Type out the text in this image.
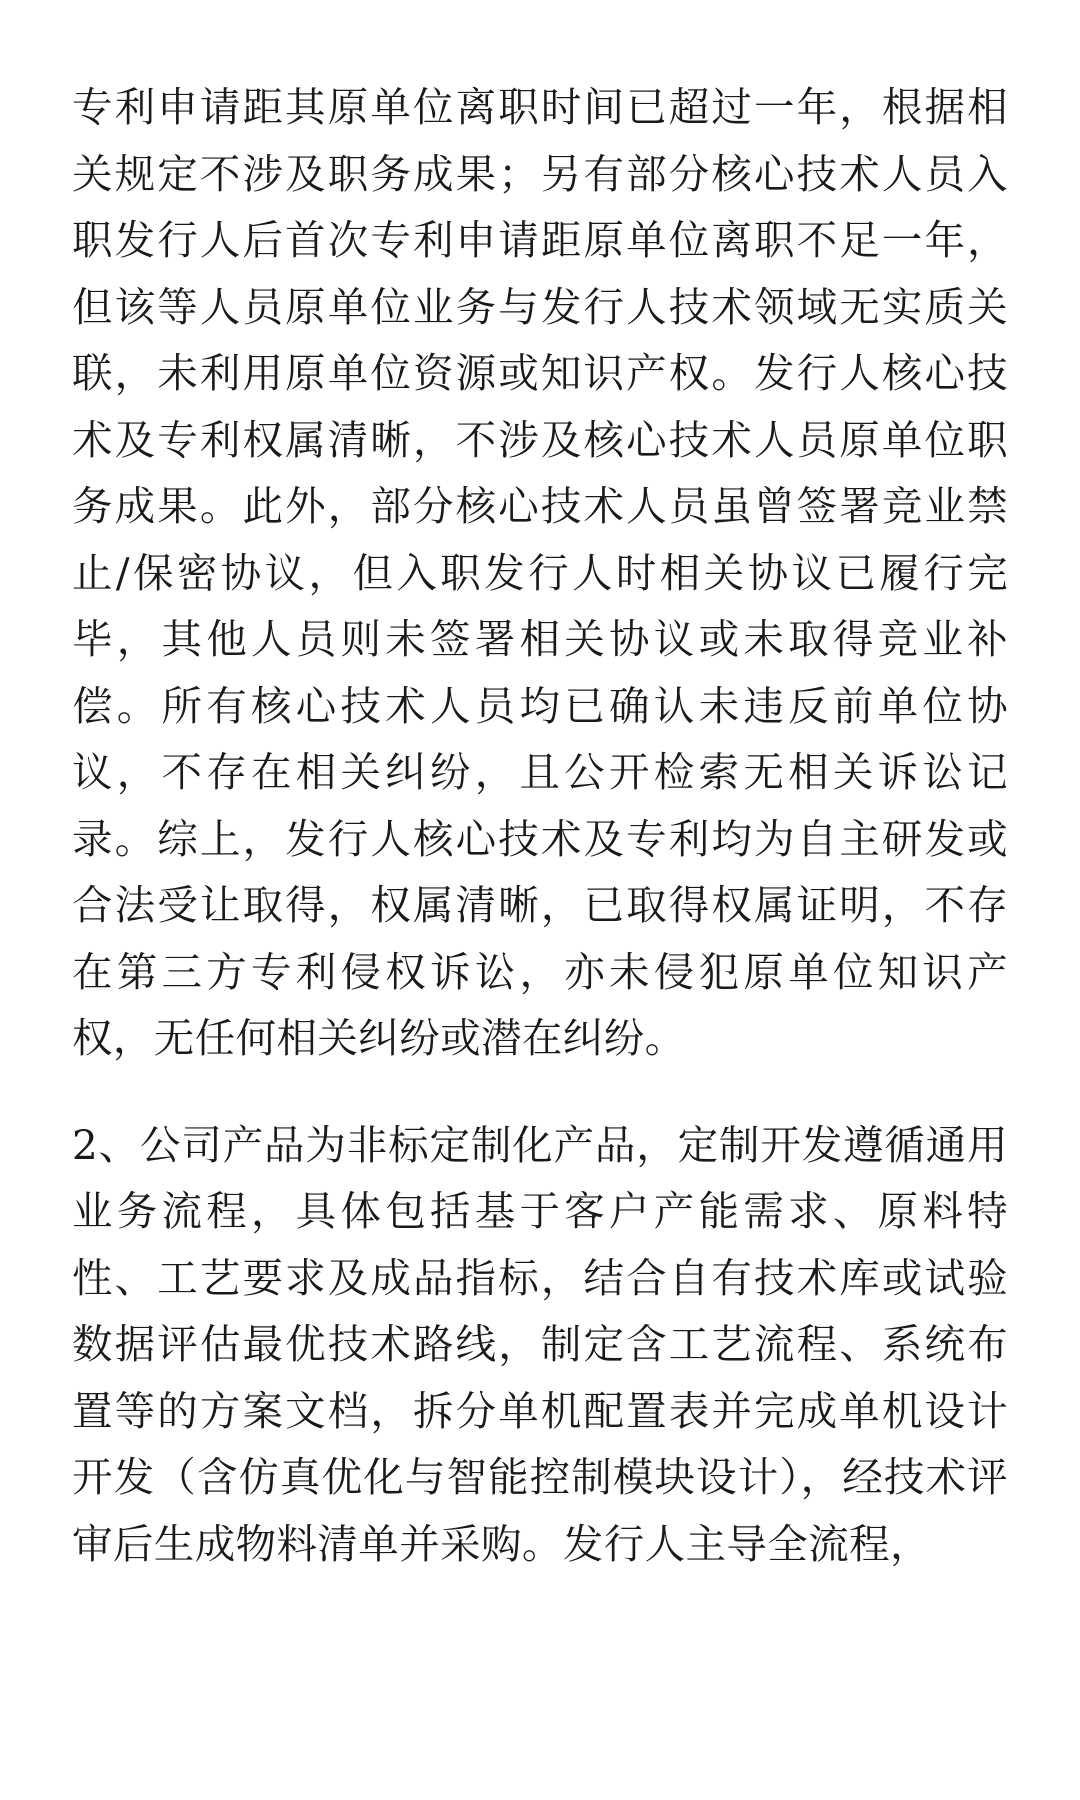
专利申请距其原单位离职时间已超过一年，根据相关规定不涉及职务成果；另有部分核心技术人员入职发行人后首次专利申请距原单位离职不足一年，但该等人员原单位业务与发行人技术领域无实质关联，未利用原单位资源或知识产权。发行人核心技术及专利权属清晰，不涉及核心技术人员原单位职务成果。此外，部分核心技术人员虽曾签署竞业禁止/保密协议，但入职发行人时相关协议已履行完毕，其他人员则未签署相关协议或未取得竞业补偿。所有核心技术人员均已确认未违反前单位协议，不存在相关纠纷，且公开检索无相关诉讼记录。综上，发行人核心技术及专利均为自主研发或合法受让取得，权属清晰，已取得权属证明，不存在第三方专利侵权诉讼，亦未侵犯原单位知识产权，无任何相关纠纷或潜在纠纷。

2、公司产品为非标定制化产品，定制开发遵循通用业务流程，具体包括基于客户产能需求、原料特性、工艺要求及成品指标，结合自有技术库或试验数据评估最优技术路线，制定含工艺流程、系统布置等的方案文档，拆分单机配置表并完成单机设计开发（含仿真优化与智能控制模块设计），经技术评审后生成物料清单并采购。发行人主导全流程，
